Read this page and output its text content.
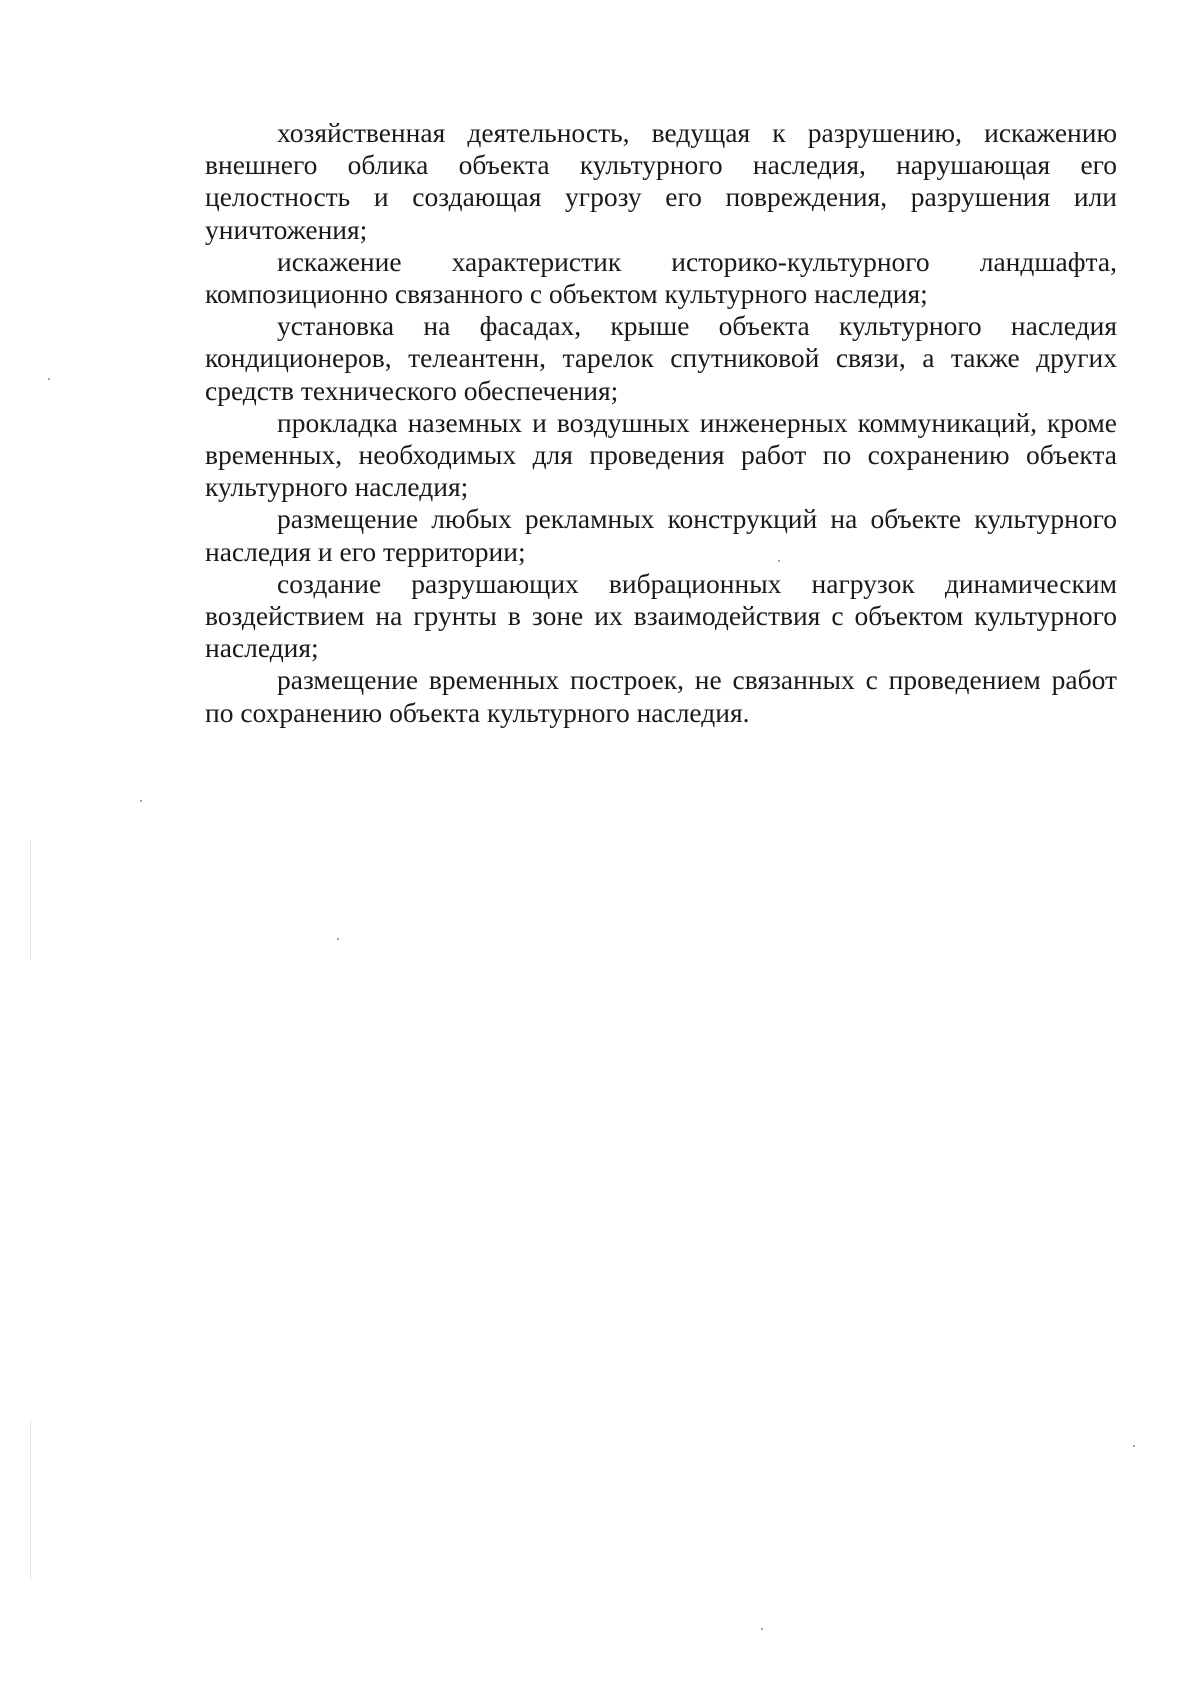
хозяйственная деятельность, ведущая к разрушению, искажению внешнего облика объекта культурного наследия, нарушающая его целостность и создающая угрозу его повреждения, разрушения или уничтожения;

искажение характеристик историко-культурного ландшафта, композиционно связанного с объектом культурного наследия;

установка на фасадах, крыше объекта культурного наследия кондиционеров, телеантенн, тарелок спутниковой связи, а также других средств технического обеспечения;

прокладка наземных и воздушных инженерных коммуникаций, кроме временных, необходимых для проведения работ по сохранению объекта культурного наследия;

размещение любых рекламных конструкций на объекте культурного наследия и его территории;

создание разрушающих вибрационных нагрузок динамическим воздействием на грунты в зоне их взаимодействия с объектом культурного наследия;

размещение временных построек, не связанных с проведением работ по сохранению объекта культурного наследия.
